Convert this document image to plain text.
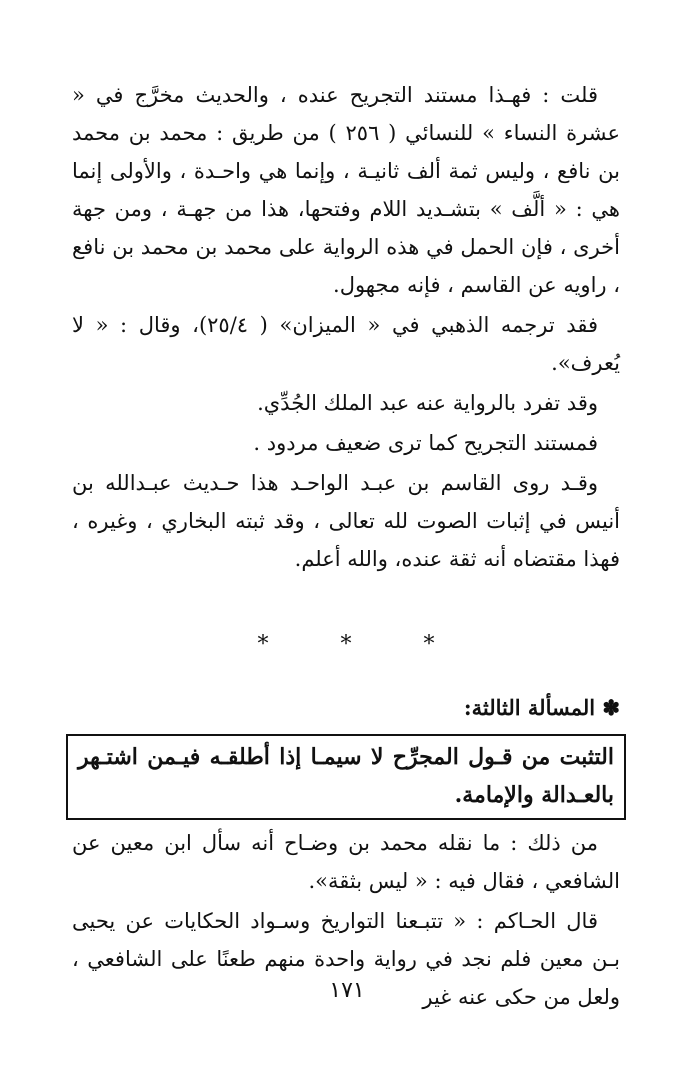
قلت : فهـذا مستند التجريح عنده ، والحديث مخرَّج في « عشرة النساء » للنسائي ( ٢٥٦ ) من طريق : محمد بن محمد بن نافع ، وليس ثمة ألف ثانيـة ، وإنما هي واحـدة ، والأولى إنما هي : « ألَّف » بتشـديد اللام وفتحها، هذا من جهـة ، ومن جهة أخرى ، فإن الحمل في هذه الرواية على محمد بن محمد بن نافع ، راويه عن القاسم ، فإنه مجهول.

فقد ترجمه الذهبي في « الميزان» ( ٢٥/٤)، وقال : « لا يُعرف».

وقد تفرد بالرواية عنه عبد الملك الجُدِّي.

فمستند التجريح كما ترى ضعيف مردود .

وقـد روى القاسم بن عبـد الواحـد هذا حـديث عبـدالله بن أنيس في إثبات الصوت لله تعالى ، وقد ثبته البخاري ، وغيره ، فهذا مقتضاه أنه ثقة عنده، والله أعلم.

*	*	*

✽ المسألة الثالثة:

التثبت من قـول المجرِّح لا سيمـا إذا أطلقـه فيـمن اشتـهر بالعـدالة والإمامة.

من ذلك : ما نقله محمد بن وضـاح أنه سأل ابن معين عن الشافعي ، فقال فيه : « ليس بثقة».

قال الحـاكم : « تتبـعنا التواريخ وسـواد الحكايات عن يحيى بـن معين فلم نجد في رواية واحدة منهم طعنًا على الشافعي ، ولعل من حكى عنه غير

١٧١
